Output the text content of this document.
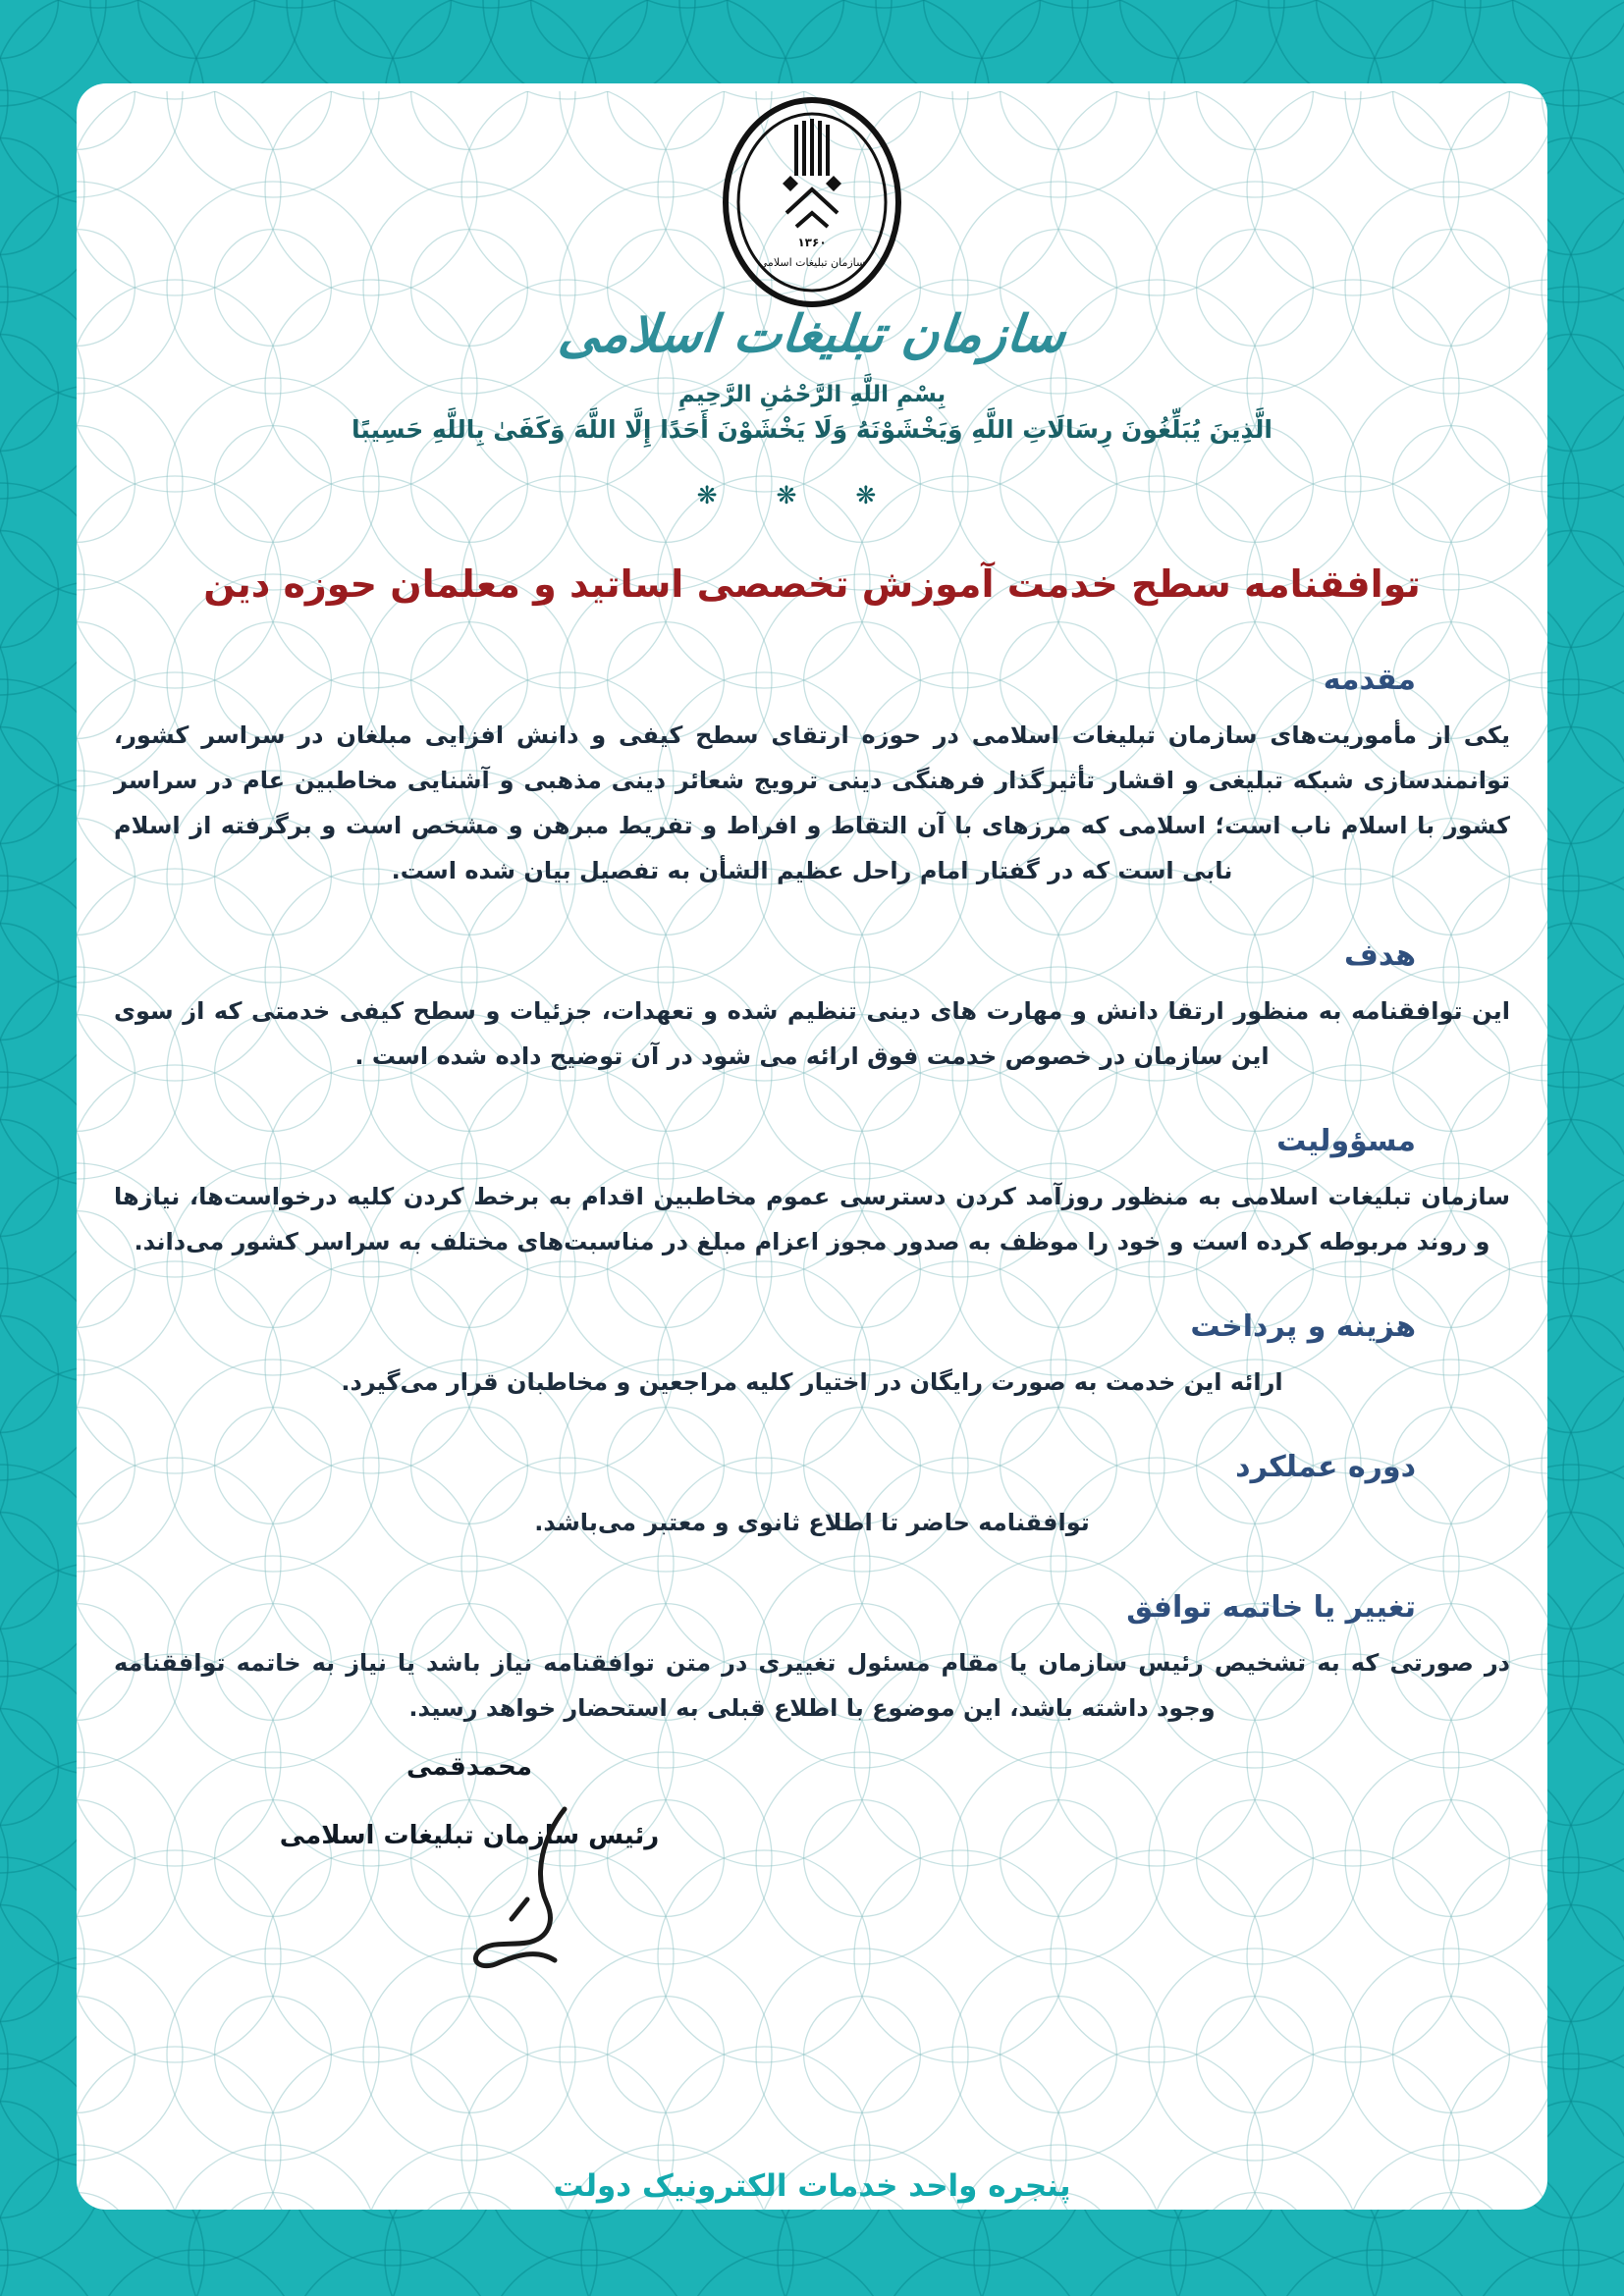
۱۳۶۰
سازمان تبلیغات اسلامی
سازمان تبلیغات اسلامی
بِسْمِ اللَّهِ الرَّحْمَٰنِ الرَّحِيمِ
الَّذِينَ يُبَلِّغُونَ رِسَالَاتِ اللَّهِ وَيَخْشَوْنَهُ وَلَا يَخْشَوْنَ أَحَدًا إِلَّا اللَّهَ وَكَفَىٰ بِاللَّهِ حَسِيبًا
❋ ❋ ❋
توافقنامه سطح خدمت آموزش تخصصی اساتید و معلمان حوزه دین
مقدمه

یکی از مأموریت‌های سازمان تبلیغات اسلامی در حوزه ارتقای سطح کیفی و دانش افزایی مبلغان در سراسر کشور، توانمندسازی شبکه تبلیغی و اقشار تأثیرگذار فرهنگی دینی ترویج شعائر دینی مذهبی و آشنایی مخاطبین عام در سراسر کشور با اسلام ناب است؛ اسلامی که مرزهای با آن التقاط و افراط و تفریط مبرهن و مشخص است و برگرفته از اسلام نابی است که در گفتار امام راحل عظیم الشأن به تفصیل بیان شده است.

هدف

این توافقنامه به منظور ارتقا دانش و مهارت های دینی تنظیم شده و تعهدات، جزئیات و سطح کیفی خدمتی که از سوی این سازمان در خصوص خدمت فوق ارائه می شود در آن توضیح داده شده است .

مسؤولیت

سازمان تبلیغات اسلامی به منظور روزآمد کردن دسترسی عموم مخاطبین اقدام به برخط کردن کلیه درخواست‌ها، نیازها و روند مربوطه کرده است و خود را موظف به صدور مجوز اعزام مبلغ در مناسبت‌های مختلف به سراسر کشور می‌داند.

هزینه و پرداخت

ارائه این خدمت به صورت رایگان در اختیار کلیه مراجعین و مخاطبان قرار می‌گیرد.

دوره عملکرد

توافقنامه حاضر تا اطلاع ثانوی و معتبر می‌باشد.

تغییر یا خاتمه توافق

در صورتی که به تشخیص رئیس سازمان یا مقام مسئول تغییری در متن توافقنامه نیاز باشد یا نیاز به خاتمه توافقنامه وجود داشته باشد، این موضوع با اطلاع قبلی به استحضار خواهد رسید.

محمدقمی
رئیس سازمان تبلیغات اسلامی
پنجره واحد خدمات الکترونیک دولت
